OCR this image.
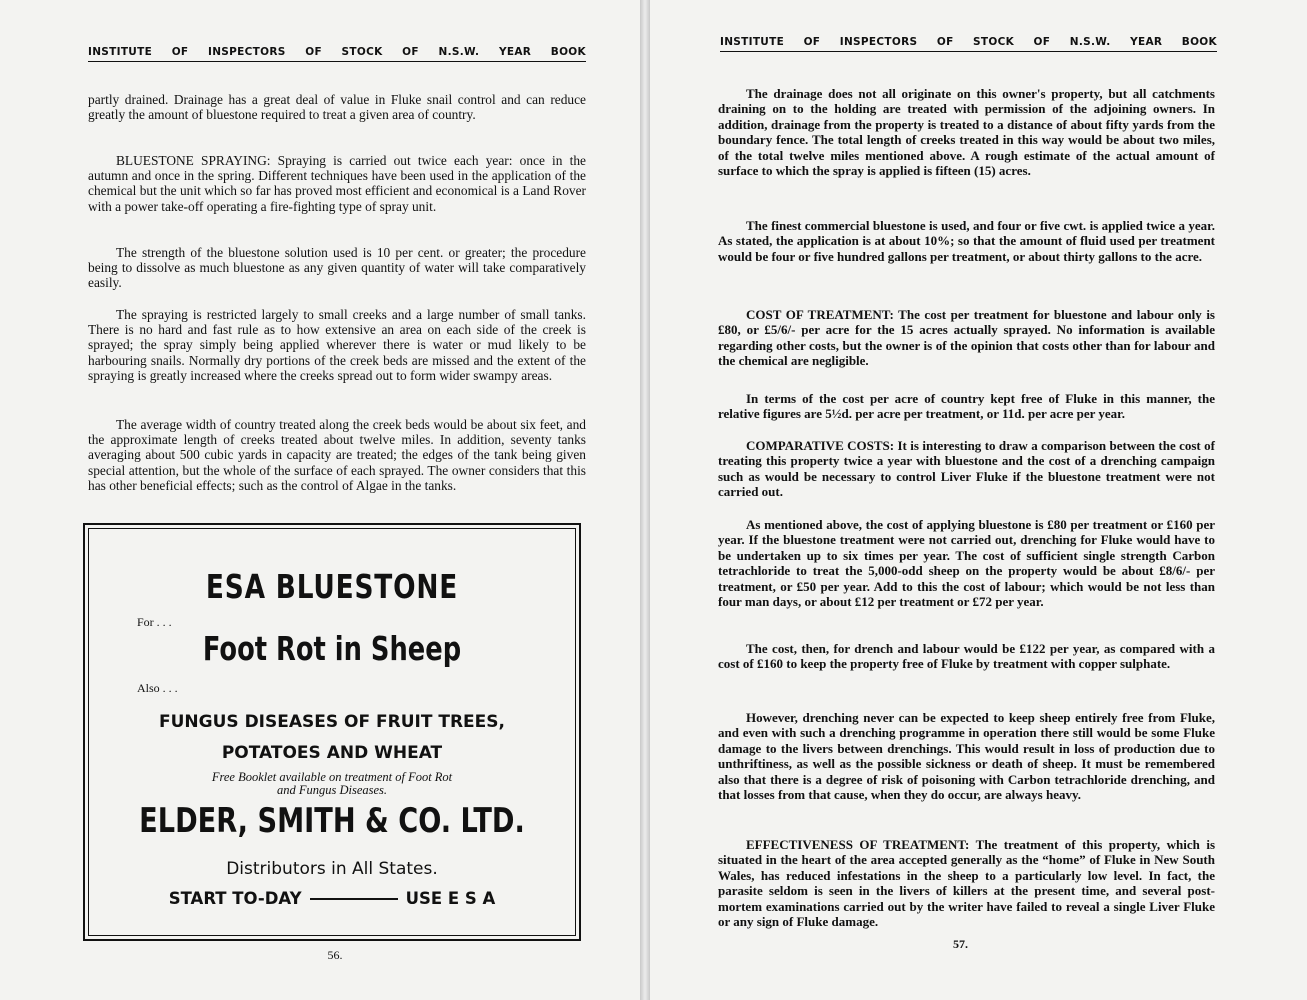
INSTITUTE OF INSPECTORS OF STOCK OF N.S.W. YEAR BOOK

partly drained. Drainage has a great deal of value in Fluke snail control and can reduce greatly the amount of bluestone required to treat a given area of country.

BLUESTONE SPRAYING: Spraying is carried out twice each year: once in the autumn and once in the spring. Different techniques have been used in the application of the chemical but the unit which so far has proved most efficient and economical is a Land Rover with a power take-off operating a fire-fighting type of spray unit.

The strength of the bluestone solution used is 10 per cent. or greater; the procedure being to dissolve as much bluestone as any given quantity of water will take comparatively easily.

The spraying is restricted largely to small creeks and a large number of small tanks. There is no hard and fast rule as to how extensive an area on each side of the creek is sprayed; the spray simply being applied wherever there is water or mud likely to be harbouring snails. Normally dry portions of the creek beds are missed and the extent of the spraying is greatly increased where the creeks spread out to form wider swampy areas.

The average width of country treated along the creek beds would be about six feet, and the approximate length of creeks treated about twelve miles. In addition, seventy tanks averaging about 500 cubic yards in capacity are treated; the edges of the tank being given special attention, but the whole of the surface of each sprayed. The owner considers that this has other beneficial effects; such as the control of Algae in the tanks.

ESA BLUESTONE
For . . .
Foot Rot in Sheep
Also . . .
FUNGUS DISEASES OF FRUIT TREES,
POTATOES AND WHEAT
Free Booklet available on treatment of Foot Rot
and Fungus Diseases.
ELDER, SMITH & CO. LTD.
Distributors in All States.
START TO-DAY	USE E S A
56.
INSTITUTE OF INSPECTORS OF STOCK OF N.S.W. YEAR BOOK

The drainage does not all originate on this owner's property, but all catchments draining on to the holding are treated with permission of the adjoining owners. In addition, drainage from the property is treated to a distance of about fifty yards from the boundary fence. The total length of creeks treated in this way would be about two miles, of the total twelve miles mentioned above. A rough estimate of the actual amount of surface to which the spray is applied is fifteen (15) acres.

The finest commercial bluestone is used, and four or five cwt. is applied twice a year. As stated, the application is at about 10%; so that the amount of fluid used per treatment would be four or five hundred gallons per treatment, or about thirty gallons to the acre.

COST OF TREATMENT: The cost per treatment for bluestone and labour only is £80, or £5/6/- per acre for the 15 acres actually sprayed. No information is available regarding other costs, but the owner is of the opinion that costs other than for labour and the chemical are negligible.

In terms of the cost per acre of country kept free of Fluke in this manner, the relative figures are 5½d. per acre per treatment, or 11d. per acre per year.

COMPARATIVE COSTS: It is interesting to draw a comparison between the cost of treating this property twice a year with bluestone and the cost of a drenching campaign such as would be necessary to control Liver Fluke if the bluestone treatment were not carried out.

As mentioned above, the cost of applying bluestone is £80 per treatment or £160 per year. If the bluestone treatment were not carried out, drenching for Fluke would have to be undertaken up to six times per year. The cost of sufficient single strength Carbon tetrachloride to treat the 5,000-odd sheep on the property would be about £8/6/- per treatment, or £50 per year. Add to this the cost of labour; which would be not less than four man days, or about £12 per treatment or £72 per year.

The cost, then, for drench and labour would be £122 per year, as compared with a cost of £160 to keep the property free of Fluke by treatment with copper sulphate.

However, drenching never can be expected to keep sheep entirely free from Fluke, and even with such a drenching programme in operation there still would be some Fluke damage to the livers between drenchings. This would result in loss of production due to unthriftiness, as well as the possible sickness or death of sheep. It must be remembered also that there is a degree of risk of poisoning with Carbon tetrachloride drenching, and that losses from that cause, when they do occur, are always heavy.

EFFECTIVENESS OF TREATMENT: The treatment of this property, which is situated in the heart of the area accepted generally as the “home” of Fluke in New South Wales, has reduced infestations in the sheep to a particularly low level. In fact, the parasite seldom is seen in the livers of killers at the present time, and several post-mortem examinations carried out by the writer have failed to reveal a single Liver Fluke or any sign of Fluke damage.

57.
